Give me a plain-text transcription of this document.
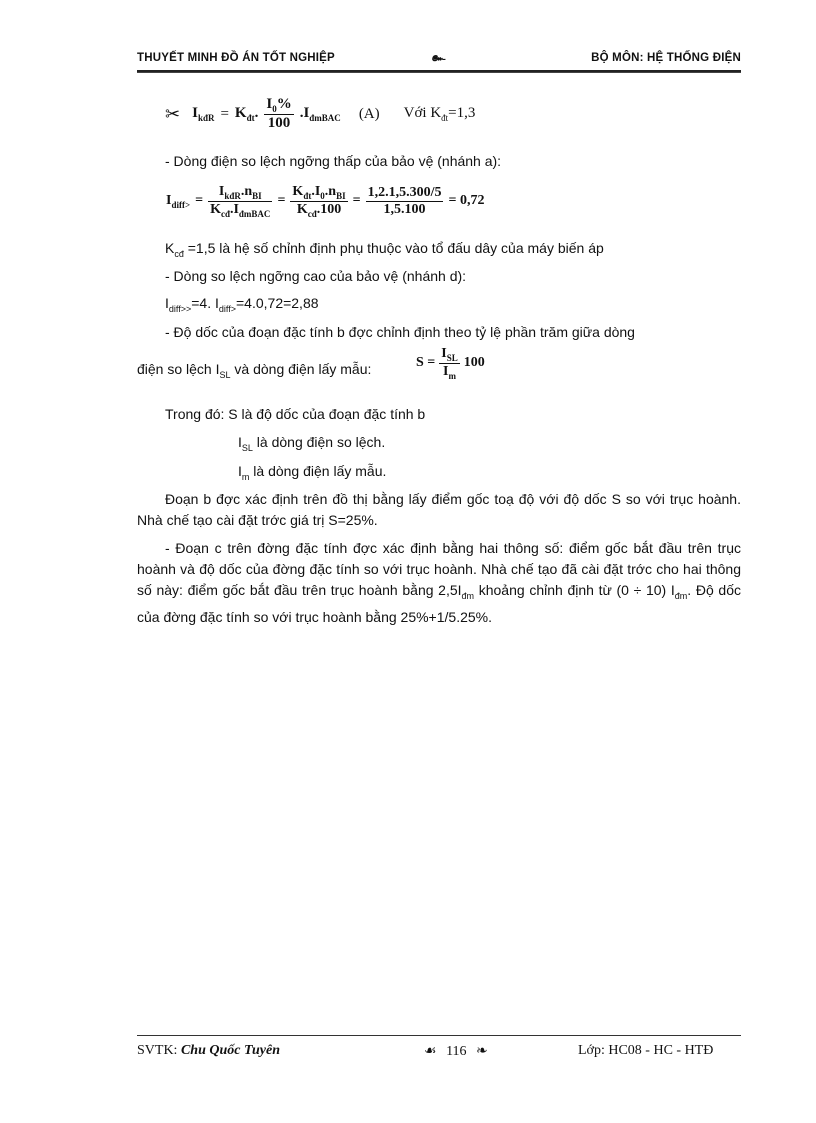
THUYẾT MINH ĐỒ ÁN TỐT NGHIỆP	๛	BỘ MÔN: HỆ THỐNG ĐIỆN
✂ $I_{kđR} = K_{đt}$. $\frac{I_0\%}{100} .I_{đmBAC}$ (A) Với $K_{đt}=1,3$
- Dòng điện so lệch ngỡng thấp của bảo vệ (nhánh a):
$I_{diff>} = \frac{I_{kđR}.n_{BI}}{K_{cđ}.I_{đmBAC}} = \frac{K_{đt}.I_0.n_{BI}}{K_{cđ}.100} = \frac{1,2.1,5.300/5}{1,5.100} = 0,72$
$K_{cđ} =1,5$ là hệ số chỉnh định phụ thuộc vào tổ đấu dây của máy biến áp
- Dòng so lệch ngỡng cao của bảo vệ (nhánh d):
$I_{diff>>}=4$. $I_{diff>}=4.0,72=2,88$
- Độ dốc của đoạn đặc tính b đợc chỉnh định theo tỷ lệ phần trăm giữa dòng
điện so lệch $I_{SL}$ và dòng điện lấy mẫu:	$S = \frac{I_{SL}}{I_m} 100$
Trong đó: S là độ dốc của đoạn đặc tính b
$I_{SL}$ là dòng điện so lệch.
$I_m$ là dòng điện lấy mẫu.
Đoạn b đợc xác định trên đồ thị bằng lấy điểm gốc toạ độ với độ dốc S so với trục hoành. Nhà chế tạo cài đặt trớc giá trị S=25%.
- Đoạn c trên đờng đặc tính đợc xác định bằng hai thông số: điểm gốc bắt đầu trên trục hoành và độ dốc của đờng đặc tính so với trục hoành. Nhà chế tạo đã cài đặt trớc cho hai thông số này: điểm gốc bắt đầu trên trục hoành bằng $2,5I_{đm}$ khoảng chỉnh định từ (0 ÷ 10) $I_{đm}$. Độ dốc của đờng đặc tính so với trục hoành bằng 25%+1/5.25%.
SVTK: Chu Quốc Tuyên	☙ 116 ❧	Lớp: HC08 - HC - HTĐ
